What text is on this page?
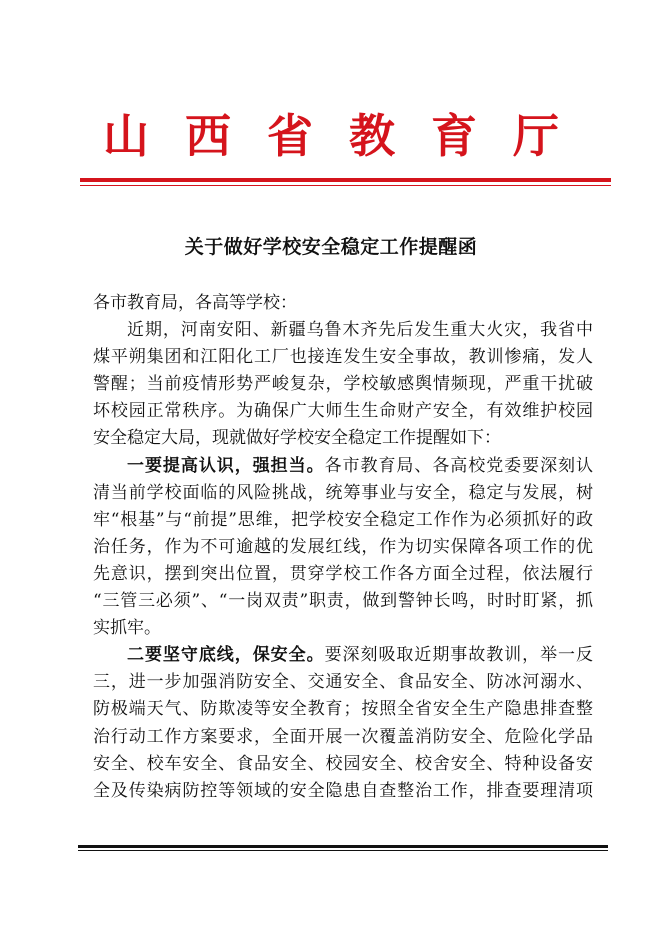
山 西 省 教 育 厅
关于做好学校安全稳定工作提醒函
各市教育局，各高等学校：
近期，河南安阳、新疆乌鲁木齐先后发生重大火灾，我省中
煤平朔集团和江阳化工厂也接连发生安全事故，教训惨痛，发人
警醒；当前疫情形势严峻复杂，学校敏感舆情频现，严重干扰破
坏校园正常秩序。为确保广大师生生命财产安全，有效维护校园
安全稳定大局，现就做好学校安全稳定工作提醒如下：
一要提高认识，强担当。各市教育局、各高校党委要深刻认
清当前学校面临的风险挑战，统筹事业与安全，稳定与发展，树
牢“根基”与“前提”思维，把学校安全稳定工作作为必须抓好的政
治任务，作为不可逾越的发展红线，作为切实保障各项工作的优
先意识，摆到突出位置，贯穿学校工作各方面全过程，依法履行
“三管三必须”、“一岗双责”职责，做到警钟长鸣，时时盯紧，抓
实抓牢。
二要坚守底线，保安全。要深刻吸取近期事故教训，举一反
三，进一步加强消防安全、交通安全、食品安全、防冰河溺水、
防极端天气、防欺凌等安全教育；按照全省安全生产隐患排查整
治行动工作方案要求，全面开展一次覆盖消防安全、危险化学品
安全、校车安全、食品安全、校园安全、校舍安全、特种设备安
全及传染病防控等领域的安全隐患自查整治工作，排查要理清项
